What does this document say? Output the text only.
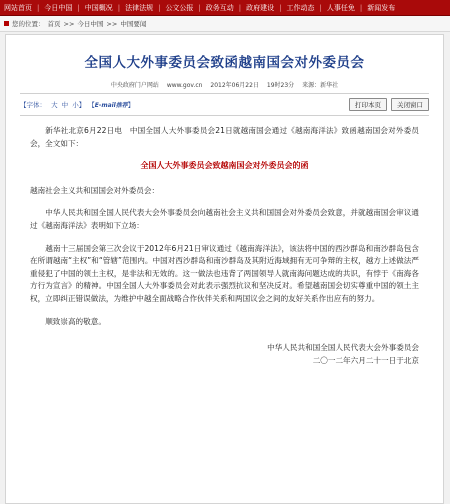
网站首页 | 今日中国 | 中国概况 | 法律法规 | 公文公报 | 政务互动 | 政府建设 | 工作动态 | 人事任免 | 新闻发布
您的位置： 首页 >> 今日中国 >> 中国要闻
全国人大外事委员会致函越南国会对外委员会
中央政府门户网站 www.gov.cn 2012年06月22日 19时23分 来源：新华社
【字体： 大 中 小】 【E-mail推荐】	打印本页	关闭窗口

新华社北京6月22日电　中国全国人大外事委员会21日就越南国会通过《越南海洋法》致函越南国会对外委员会，全文如下：

全国人大外事委员会致越南国会对外委员会的函

越南社会主义共和国国会对外委员会：

中华人民共和国全国人民代表大会外事委员会向越南社会主义共和国国会对外委员会致意，并就越南国会审议通过《越南海洋法》表明如下立场：

越南十三届国会第三次会议于2012年6月21日审议通过《越南海洋法》，该法将中国的西沙群岛和南沙群岛包含在所谓越南“主权”和“管辖”范围内。中国对西沙群岛和南沙群岛及其附近海域拥有无可争辩的主权，越方上述做法严重侵犯了中国的领土主权，是非法和无效的。这一做法也违背了两国领导人就南海问题达成的共识，有悖于《南海各方行为宣言》的精神。中国全国人大外事委员会对此表示强烈抗议和坚决反对。希望越南国会切实尊重中国的领土主权，立即纠正错误做法，为维护中越全面战略合作伙伴关系和两国议会之间的友好关系作出应有的努力。

顺致崇高的敬意。

中华人民共和国全国人民代表大会外事委员会

二〇一二年六月二十一日于北京
